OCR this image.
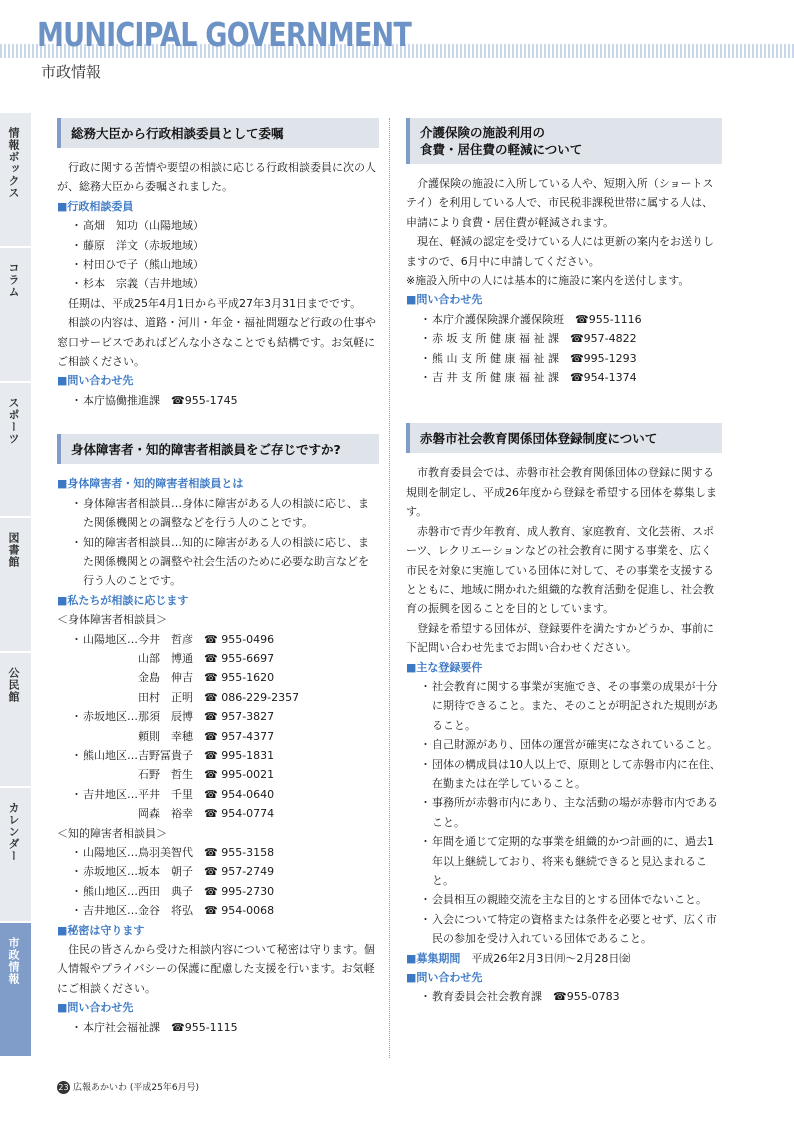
MUNICIPAL GOVERNMENT
市政情報
情報ボックス
コラム
スポーツ
図書館
公民館
カレンダー
市政情報
総務大臣から行政相談委員として委嘱

行政に関する苦情や要望の相談に応じる行政相談委員に次の人が、総務大臣から委嘱されました。

■行政相談委員
・ 高畑　知功（山陽地域）
・ 藤原　洋文（赤坂地域）
・ 村田ひで子（熊山地域）
・ 杉本　宗義（吉井地域）

任期は、平成25年4月1日から平成27年3月31日までです。

相談の内容は、道路・河川・年金・福祉問題など行政の仕事や窓口サービスであればどんな小さなことでも結構です。お気軽にご相談ください。

■問い合わせ先
・ 本庁協働推進課　☎955-1745
身体障害者・知的障害者相談員をご存じですか?
■身体障害者・知的障害者相談員とは
・ 身体障害者相談員…身体に障害がある人の相談に応じ、また関係機関との調整などを行う人のことです。
・ 知的障害者相談員…知的に障害がある人の相談に応じ、また関係機関との調整や社会生活のために必要な助言などを行う人のことです。
■私たちが相談に応じます
＜身体障害者相談員＞
・ 山陽地区…今井　哲彦　☎ 955-0496
　　　　　山部　博通　☎ 955-6697
　　　　　金島　伸吉　☎ 955-1620
　　　　　田村　正明　☎ 086-229-2357
・ 赤坂地区…那須　辰博　☎ 957-3827
　　　　　頼則　幸穂　☎ 957-4377
・ 熊山地区…吉野冨貴子　☎ 995-1831
　　　　　石野　哲生　☎ 995-0021
・ 吉井地区…平井　千里　☎ 954-0640
　　　　　岡森　裕幸　☎ 954-0774
＜知的障害者相談員＞
・ 山陽地区…鳥羽美智代　☎ 955-3158
・ 赤坂地区…坂本　朝子　☎ 957-2749
・ 熊山地区…西田　典子　☎ 995-2730
・ 吉井地区…金谷　将弘　☎ 954-0068
■秘密は守ります

住民の皆さんから受けた相談内容について秘密は守ります。個人情報やプライバシーの保護に配慮した支援を行います。お気軽にご相談ください。

■問い合わせ先
・ 本庁社会福祉課　☎955-1115
介護保険の施設利用の
食費・居住費の軽減について

介護保険の施設に入所している人や、短期入所（ショートステイ）を利用している人で、市民税非課税世帯に属する人は、申請により食費・居住費が軽減されます。

現在、軽減の認定を受けている人には更新の案内をお送りしますので、6月中に申請してください。

※施設入所中の人には基本的に施設に案内を送付します。

■問い合わせ先
・ 本庁介護保険課介護保険班　☎955-1116
・ 赤 坂 支 所 健 康 福 祉 課　☎957-4822
・ 熊 山 支 所 健 康 福 祉 課　☎995-1293
・ 吉 井 支 所 健 康 福 祉 課　☎954-1374
赤磐市社会教育関係団体登録制度について

市教育委員会では、赤磐市社会教育関係団体の登録に関する規則を制定し、平成26年度から登録を希望する団体を募集します。

赤磐市で青少年教育、成人教育、家庭教育、文化芸術、スポーツ、レクリエーションなどの社会教育に関する事業を、広く市民を対象に実施している団体に対して、その事業を支援するとともに、地域に開かれた組織的な教育活動を促進し、社会教育の振興を図ることを目的としています。

登録を希望する団体が、登録要件を満たすかどうか、事前に下記問い合わせ先までお問い合わせください。

■主な登録要件
・ 社会教育に関する事業が実施でき、その事業の成果が十分に期待できること。また、そのことが明記された規則があること。
・ 自己財源があり、団体の運営が確実になされていること。
・ 団体の構成員は10人以上で、原則として赤磐市内に在住、在勤または在学していること。
・ 事務所が赤磐市内にあり、主な活動の場が赤磐市内であること。
・ 年間を通じて定期的な事業を組織的かつ計画的に、過去1年以上継続しており、将来も継続できると見込まれること。
・ 会員相互の親睦交流を主な目的とする団体でないこと。
・ 入会について特定の資格または条件を必要とせず、広く市民の参加を受け入れている団体であること。
■募集期間　 平成26年2月3日㈪～2月28日㈮
■問い合わせ先
・ 教育委員会社会教育課　☎955-0783
23 広報あかいわ (平成25年6月号)
